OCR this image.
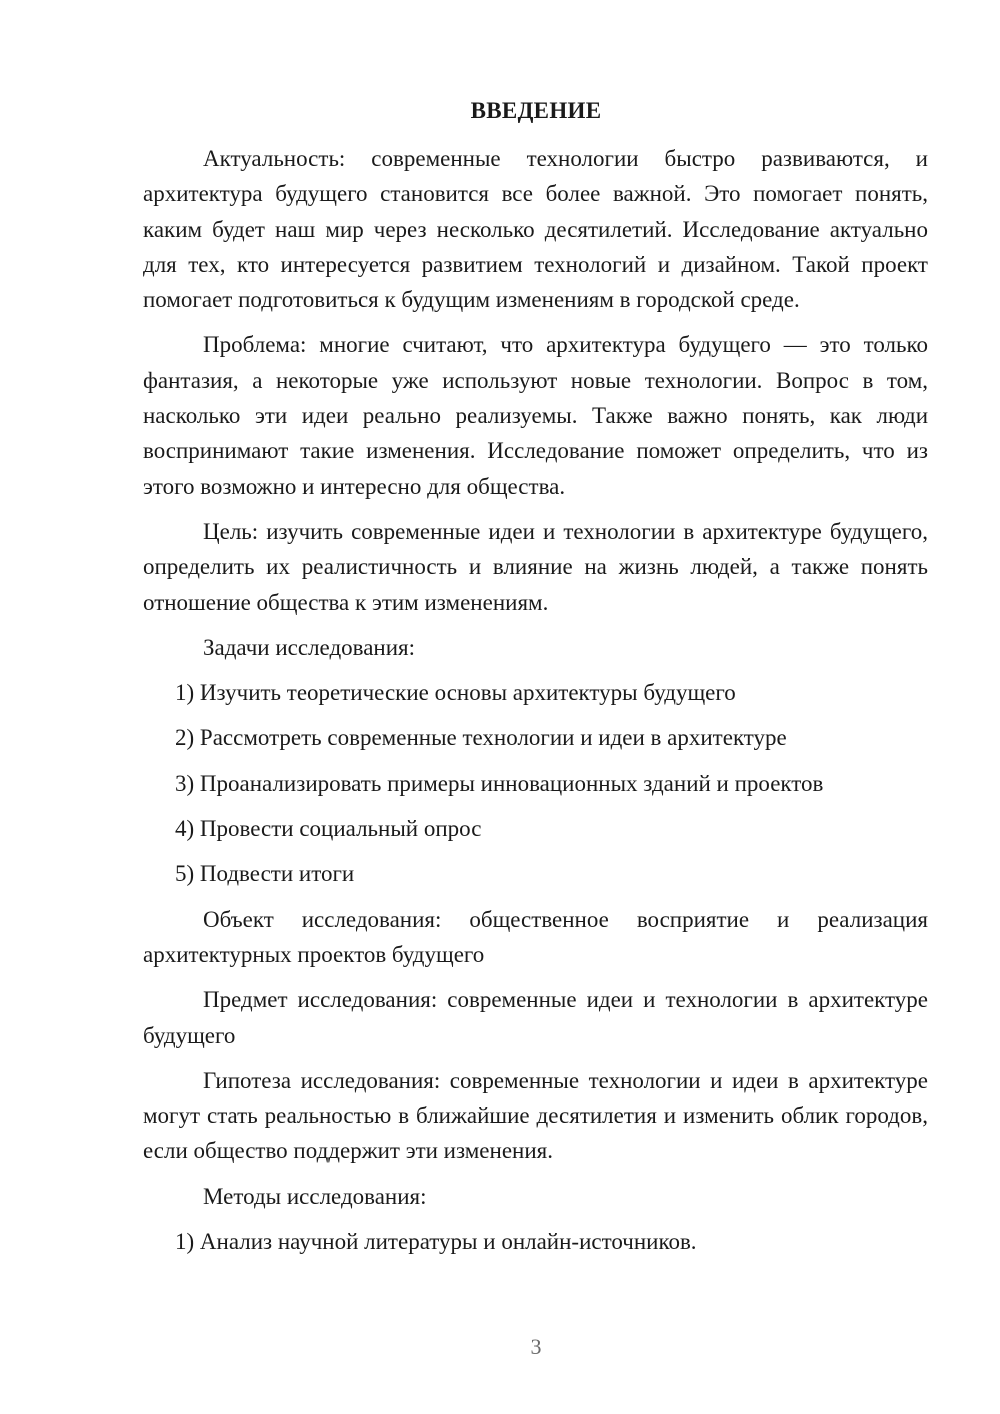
ВВЕДЕНИЕ

Актуальность: современные технологии быстро развиваются, и архитектура будущего становится все более важной. Это помогает понять, каким будет наш мир через несколько десятилетий. Исследование актуально для тех, кто интересуется развитием технологий и дизайном. Такой проект помогает подготовиться к будущим изменениям в городской среде.

Проблема: многие считают, что архитектура будущего — это только фантазия, а некоторые уже используют новые технологии. Вопрос в том, насколько эти идеи реально реализуемы. Также важно понять, как люди воспринимают такие изменения. Исследование поможет определить, что из этого возможно и интересно для общества.

Цель: изучить современные идеи и технологии в архитектуре будущего, определить их реалистичность и влияние на жизнь людей, а также понять отношение общества к этим изменениям.

Задачи исследования:

1) Изучить теоретические основы архитектуры будущего

2) Рассмотреть современные технологии и идеи в архитектуре

3) Проанализировать примеры инновационных зданий и проектов

4) Провести социальный опрос

5) Подвести итоги

Объект исследования: общественное восприятие и реализация архитектурных проектов будущего

Предмет исследования: современные идеи и технологии в архитектуре будущего

Гипотеза исследования: современные технологии и идеи в архитектуре могут стать реальностью в ближайшие десятилетия и изменить облик городов, если общество поддержит эти изменения.

Методы исследования:

1) Анализ научной литературы и онлайн-источников.

3
